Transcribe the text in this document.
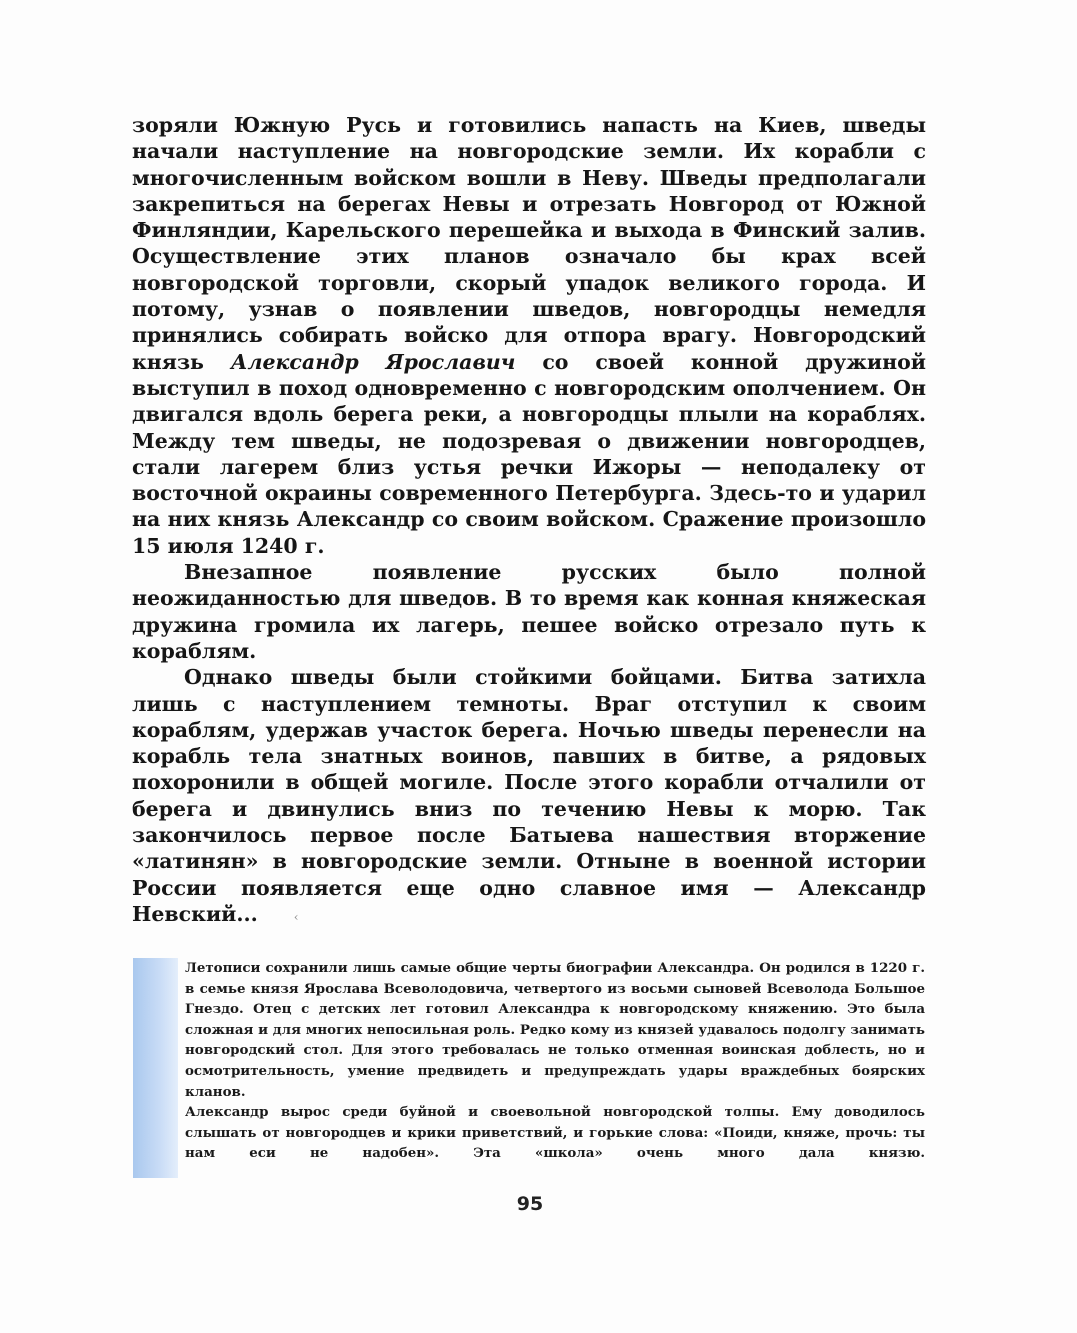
зоряли Южную Русь и готовились напасть на Киев, шведы начали наступление на новгородские земли. Их корабли с многочисленным войском вошли в Неву. Шведы предполагали закрепиться на берегах Невы и отрезать Новгород от Южной Финляндии, Карельского перешейка и выхода в Финский залив. Осуществление этих планов означало бы крах всей новгородской торговли, скорый упадок великого города. И потому, узнав о появлении шведов, новгородцы немедля принялись собирать войско для отпора врагу. Новгородский князь Александр Ярославич со своей конной дружиной выступил в поход одновременно с новгородским ополчением. Он двигался вдоль берега реки, а новгородцы плыли на кораблях. Между тем шведы, не подозревая о движении новгородцев, стали лагерем близ устья речки Ижоры — неподалеку от восточной окраины современного Петербурга. Здесь-то и ударил на них князь Александр со своим войском. Сражение произошло 15 июля 1240 г.

Внезапное появление русских было полной неожиданностью для шведов. В то время как конная княжеская дружина громила их лагерь, пешее войско отрезало путь к кораблям.

Однако шведы были стойкими бойцами. Битва затихла лишь с наступлением темноты. Враг отступил к своим кораблям, удержав участок берега. Ночью шведы перенесли на корабль тела знатных воинов, павших в битве, а рядовых похоронили в общей могиле. После этого корабли отчалили от берега и двинулись вниз по течению Невы к морю. Так закончилось первое после Батыева нашествия вторжение «латинян» в новгородские земли. Отныне в военной истории России появляется еще одно славное имя — Александр Невский...	‹

Летописи сохранили лишь самые общие черты биографии Александра. Он родился в 1220 г. в семье князя Ярослава Всеволодовича, четвертого из восьми сыновей Всеволода Большое Гнездо. Отец с детских лет готовил Александра к новгородскому княжению. Это была сложная и для многих непосильная роль. Редко кому из князей удавалось подолгу занимать новгородский стол. Для этого требовалась не только отменная воинская доблесть, но и осмотрительность, умение предвидеть и предупреждать удары враждебных боярских кланов.

Александр вырос среди буйной и своевольной новгородской толпы. Ему доводилось слышать от новгородцев и крики приветствий, и горькие слова: «Поиди, княже, прочь: ты нам еси не надобен». Эта «школа» очень много дала князю.

95
